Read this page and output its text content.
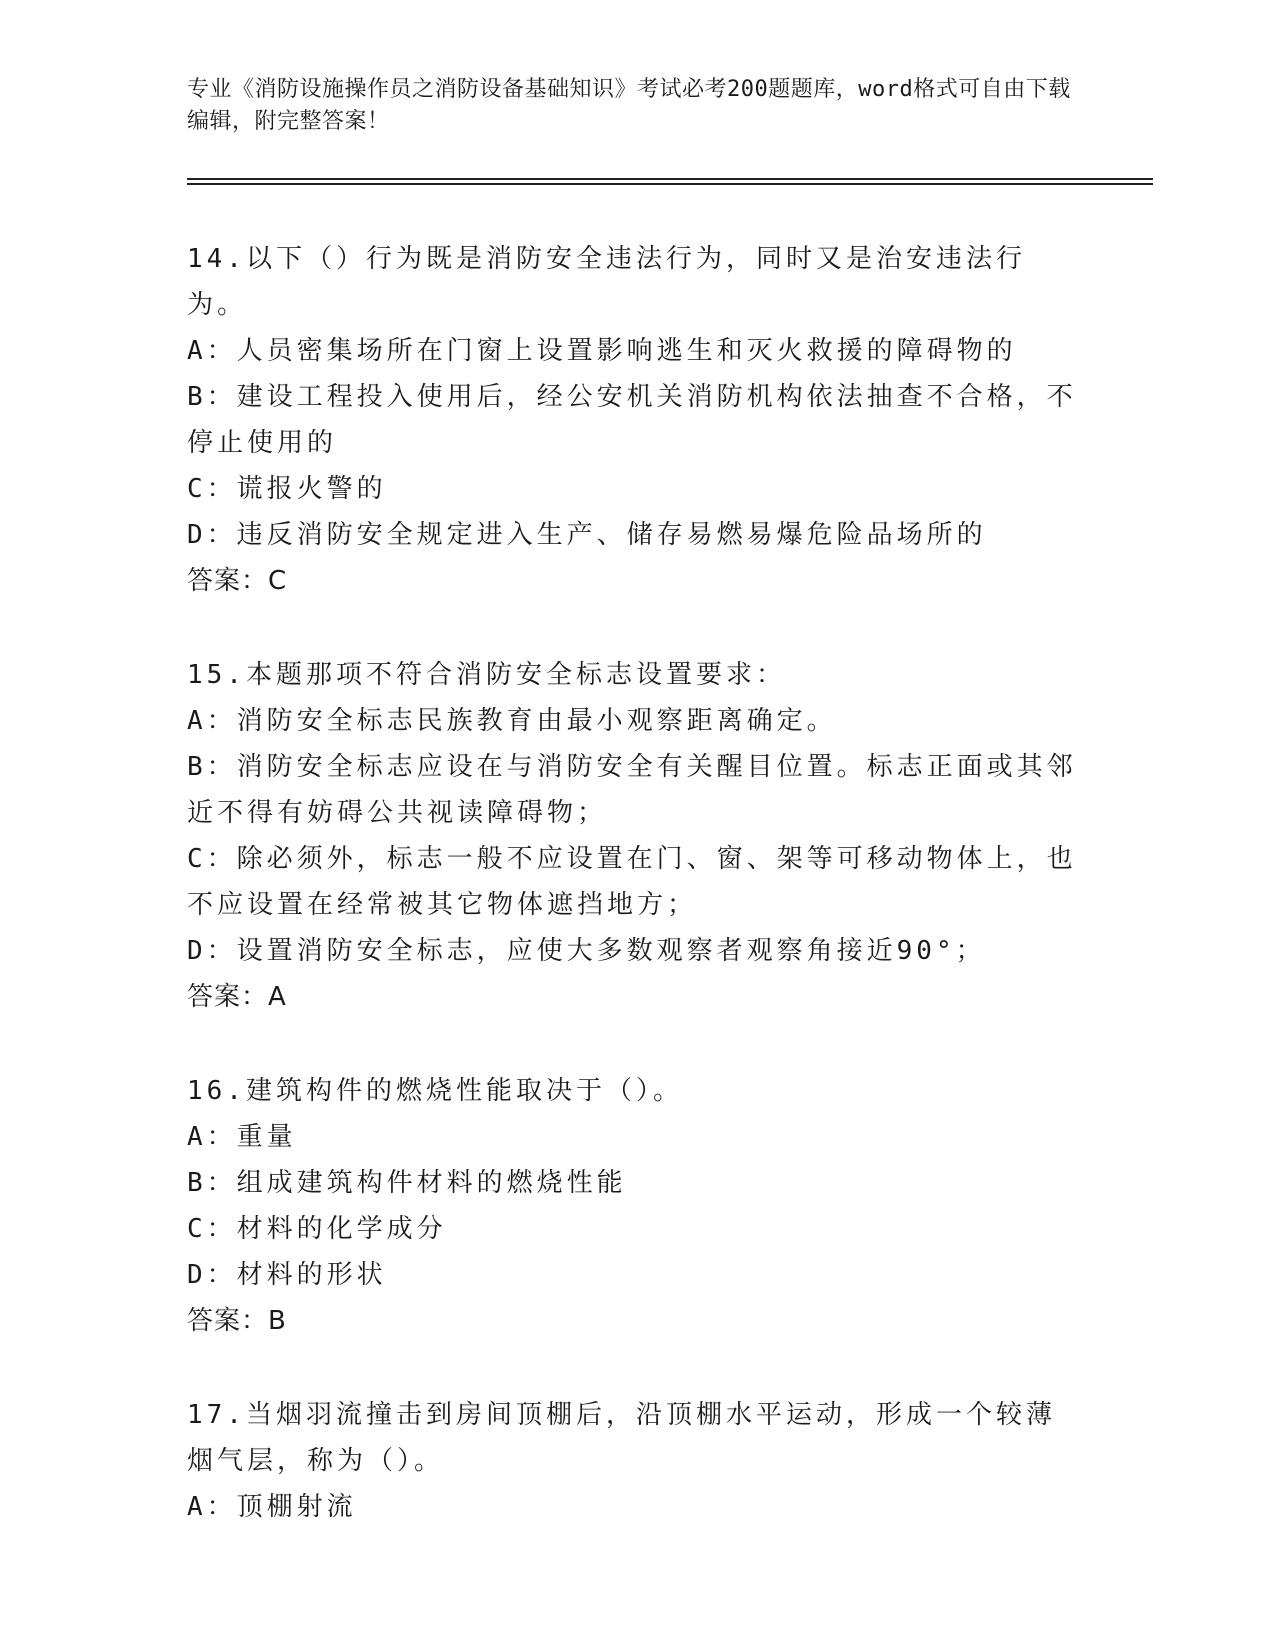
专业《消防设施操作员之消防设备基础知识》考试必考200题题库，word格式可自由下载编辑，附完整答案！

14.以下（）行为既是消防安全违法行为，同时又是治安违法行为。

A：人员密集场所在门窗上设置影响逃生和灭火救援的障碍物的

B：建设工程投入使用后，经公安机关消防机构依法抽查不合格，不停止使用的

C：谎报火警的

D：违反消防安全规定进入生产、储存易燃易爆危险品场所的

答案：C

15.本题那项不符合消防安全标志设置要求：

A：消防安全标志民族教育由最小观察距离确定。

B：消防安全标志应设在与消防安全有关醒目位置。标志正面或其邻近不得有妨碍公共视读障碍物；

C：除必须外，标志一般不应设置在门、窗、架等可移动物体上，也不应设置在经常被其它物体遮挡地方；

D：设置消防安全标志，应使大多数观察者观察角接近90°；

答案：A

16.建筑构件的燃烧性能取决于（）。

A：重量

B：组成建筑构件材料的燃烧性能

C：材料的化学成分

D：材料的形状

答案：B

17.当烟羽流撞击到房间顶棚后，沿顶棚水平运动，形成一个较薄烟气层，称为（）。

A：顶棚射流
